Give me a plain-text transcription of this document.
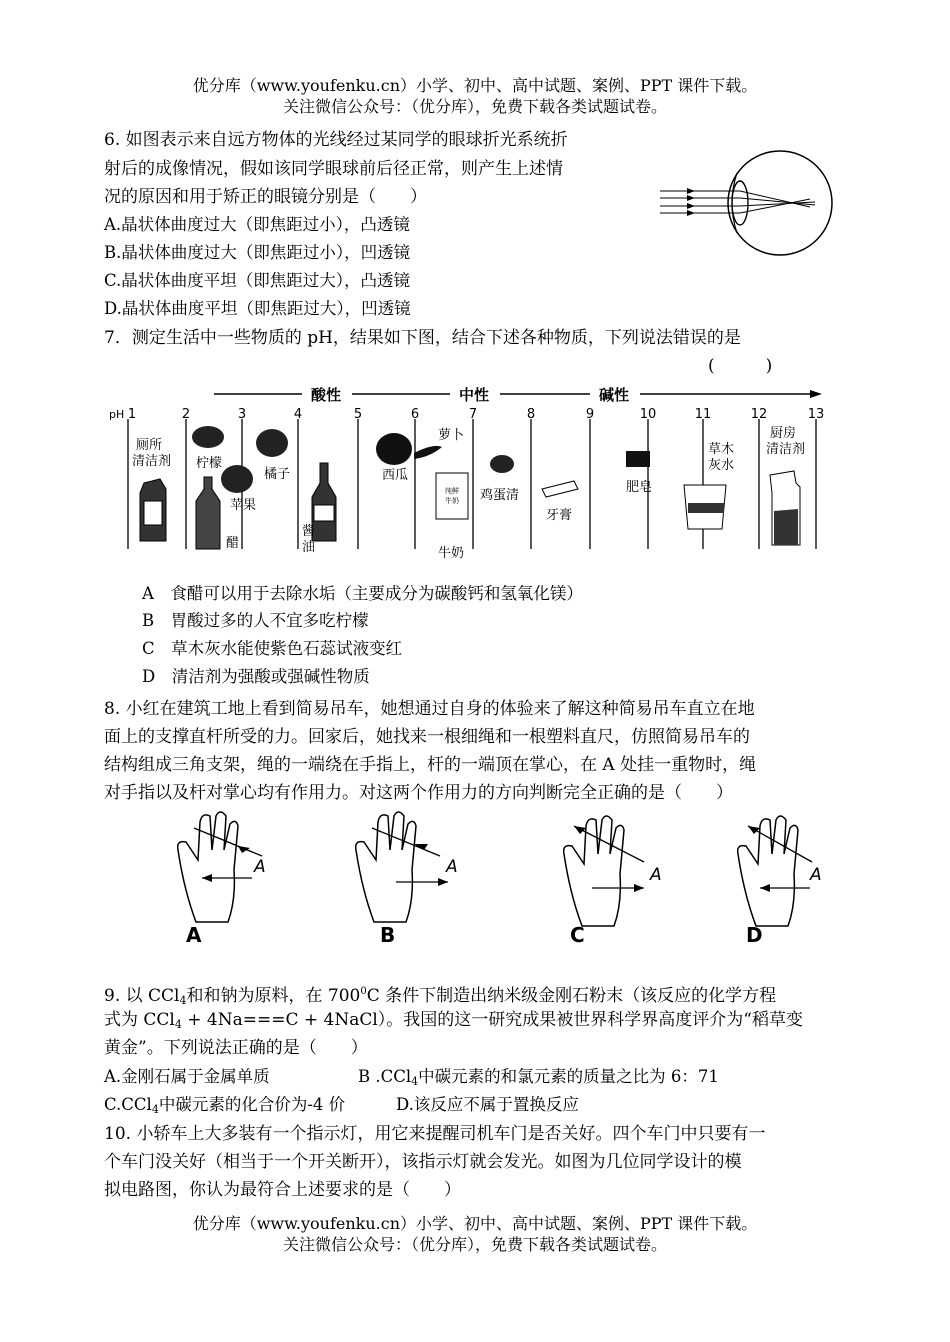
优分库（www.youfenku.cn）小学、初中、高中试题、案例、PPT 课件下载。
关注微信公众号：（优分库），免费下载各类试题试卷。
6. 如图表示来自远方物体的光线经过某同学的眼球折光系统折
射后的成像情况，假如该同学眼球前后径正常，则产生上述情
况的原因和用于矫正的眼镜分别是（　　）
A.晶状体曲度过大（即焦距过小），凸透镜
B.晶状体曲度过大（即焦距过小），凹透镜
C.晶状体曲度平坦（即焦距过大），凸透镜
D.晶状体曲度平坦（即焦距过大），凹透镜
7．测定生活中一些物质的 pH，结果如下图，结合下述各种物质，下列说法错误的是
(　　　)
酸性	中性	碱性
pH 1	2	3	4	5	6	7	8	9	10	11	12	13
厕所
清洁剂 柠檬
醋
苹果
橘子
酱
油
西瓜
萝卜
纯鲜
牛奶
牛奶
鸡蛋清
牙膏
肥皂
草木
灰水
厨房
清洁剂
A　 食醋可以用于去除水垢（主要成分为碳酸钙和氢氧化镁）
B　 胃酸过多的人不宜多吃柠檬
C　 草木灰水能使紫色石蕊试液变红
D　 清洁剂为强酸或强碱性物质
8. 小红在建筑工地上看到简易吊车，她想通过自身的体验来了解这种简易吊车直立在地
面上的支撑直杆所受的力。回家后，她找来一根细绳和一根塑料直尺，仿照简易吊车的
结构组成三角支架，绳的一端绕在手指上，杆的一端顶在掌心，在 A 处挂一重物时，绳
对手指以及杆对掌心均有作用力。对这两个作用力的方向判断完全正确的是（　　）
A
A
A
B
A
C
A
D
9. 以 CCl$_4$和和钠为原料，在 $700^0C$ 条件下制造出纳米级金刚石粉末（该反应的化学方程
式为 CCl$_4$ + 4Na===C + 4NaCl）。我国的这一研究成果被世界科学界高度评介为“稻草变
黄金”。下列说法正确的是（　　）
A.金刚石属于金属单质	B .CCl$_4$中碳元素的和氯元素的质量之比为 6：71
C.CCl$_4$中碳元素的化合价为-4 价	D.该反应不属于置换反应
10. 小轿车上大多装有一个指示灯，用它来提醒司机车门是否关好。四个车门中只要有一
个车门没关好（相当于一个开关断开），该指示灯就会发光。如图为几位同学设计的模
拟电路图，你认为最符合上述要求的是（　　）
优分库（www.youfenku.cn）小学、初中、高中试题、案例、PPT 课件下载。
关注微信公众号：（优分库），免费下载各类试题试卷。
